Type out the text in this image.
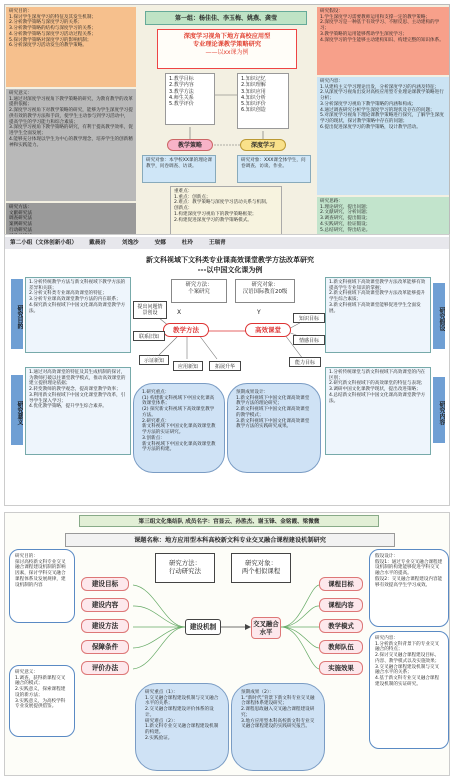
研究目的：
1.探讨学生深度学习的特征及其发生机制；
2.分析教学策略与深度学习的关系；
3.分析教学策略的结构与深度学习的关系；
4.分析教学策略与深度学习活动过程关系；
5.探讨教学策略对深度学习的影响机制；
6.分析深度学习活动发生的教学策略。
研究意义：
1.通过对深度学习视角下教学策略的研究，为教育教学的改革提供依据；
2.深度学习视角下对教学策略的研究，能够为学生深度学习提供有效的教学方法和手段，使学生主动参与到学习活动中，提高学生的学习能力和综合素质；
3.深度学习视角下教学策略的研究，有利于提高教学效率，促进学生全面发展；
4.能够充分体现以学生为中心的教学理念，培养学生的创新精神和实践能力。
研究方法：
文献研究法
调查研究法
案例研究法
行动研究法

第一组：杨佳佳、李玉梅、姚燕、龚莹
深度学习视角下地方高校应用型
专业理论课教学策略研究
——以xx课为例
1.教学目标
2.教学内容
3.教学方法
4.师生关系
5.教学评价
1.知识记忆
2.知识理解
3.知识应用
4.知识分析
5.知识评价
6.知识创造
教学策略	深度学习
研究对象：本学校XX课的理论课教学，问卷调查、访谈。
研究对象：XXX课全体学生，问卷调查、访谈、作业。
重难点：
1.重点：创新点；
2.难点：教学策略与深度学习活动关系与机制。
创新点：
1.构建深度学习视角下的教学策略框架；
2.构建促进深度学习的教学策略模式。
研究假设：
1.学生深度学习需要教师运用和支撑一定的教学策略；
2.深度学习是一种基于有效学习、不断反思、主动建构的学习；
3.教学策略的运用能够帮助学生深度学习；
4.深度学习的学生能够主动建构知识、构建完整的知识体系。
研究内容：
1.从建构主义学习理论出发，分析深度学习的内涵及特征；
2.从深度学习视角出发对高校应用型专业理论课教学策略进行分析；
3.分析深度学习视角下教学策略的内涵和构成；
4.通过调查研究分析学生深度学习的现状及存在的问题；
5.对深度学习视角下理论课教学策略进行探究，了解学生深度学习的现状，探讨教学策略中存在的问题；
6.提出促进深度学习的教学策略，设计教学活动。
研究思路：
1.理论研究，提出问题；
2.文献研究，分析问题；
3.调查研究，提出假设；
4.实践研究，验证假设；
5.总结研究，得出结论。
第二小组（文体创新小组） 戴晨岩	刘逸沙	安娜	杜玲	王瑞青
新文科视域下文科类专业课高效课堂教学方法改革研究
---以中国文化课为例
研究目的
1.分析传统教学方法与新文科视域下教学方法的差异和关联；
2.分析文科类专业课高效课堂的特征；
3.分析专业课高效课堂教学方法的内在联系；
4.探究新文科视域下中国文化课高效课堂教学方法。
研究意义
1.通过对高效课堂的特征及其生成机制的探讨，为教师打破以往课堂教学模式，推动高效课堂的建立提供理论依据；
2.转变教师的教学观念，提高课堂教学效率；
3.利用新文科视域下中国文化课堂教学改革，引导学生深入学习；
4.优化教学策略，提升学生综合素养。
研究假设
1.新文科视域下高效课堂教学方法改革能够有效提高学生专业知识的掌握；
2.新文科视域下高效课堂教学方法改革能够提升学生综合素质；
3.新文科视域下高效课堂能够促进学生全面发展。
研究内容
1.分析传统课堂与新文科视域下高效课堂的内在区别；
2.研究新文科视域下的高效课堂的特征与表现；
3.调研中国文化课教学现状，提出改进策略；
4.总结新文科视域下中国文化课高效课堂教学方法。
研究方法：
个案研究
研究对象：
汉语国际教育20级
X	Y
教学方法	高效课堂
提出问题情景创设
联系旧知
示证新知
应用新知	拓展升华
知识目标
情感目标
能力目标
1.研究重点：
(1) 构建新文科视域下中国文化课高效课堂体系；
(2) 探究新文科视域下高效课堂教学方法。
2.研究难点：
新文科视域下中国文化课高效课堂教学方法的实证研究。
3.创新点：
新文科视域下中国文化课高效课堂教学方法的构建。
预期成果设计：
1.新文科视域下中国文化课高效课堂教学方法的理论研究；
2.新文科视域下中国文化课高效课堂的教学模式；
3.新文科视域下中国文化课高效课堂教学方法的实践研究成果。
第三组文化集结队 成员名字：宫显云、孙胜杰、谢玉锋、金铭霞、梁微微
课题名称：地方应用型本科高校新文科专业交叉融合课程建设机制研究
研究目的：
探讨高校新文科专业交叉融合课程建设机制的影响因素，探讨学科交叉融合课程体系及发展规律，建设机制的内容
研究意义：
1.调查，获得新课程交叉融合的模式；
2.实践意义，探索课程建设的新方法；
3.实践意义，为高校学科专业发展提供借鉴。
研究方法：
行动研究法
研究对象：
两个相似课程
建设目标
建设内容
建设方法
保障条件
评价办法
建设机制	交叉融合水平
课程目标
课程内容
教学模式
教师队伍
实施效果
假设设计：
假设1：通过专业交叉融合课程建设机制的构建能够促进学科交叉融合水平的提高。
假设2：交叉融合课程建设内容能够有效提高学生学习成效。
研究内容：
1.分析新文科背景下的专业交叉融合的特点；
2.探讨交叉融合课程建设目标、内容、教学模式以及实施效果；
3.交叉融合课程建设机制与交叉融合水平的关系；
4.基于新文科专业交叉融合课程建设机制的实证研究。
研究重点（1）：
1.交叉融合课程建设机制与交叉融合水平的关系；
2.交叉融合课程建设评价体系的设计。
研究难点（2）：
1.新文科专业交叉融合课程建设机制的构建。
2.实践验证。
预期成果（2）：
1.“新时代”背景下新文科专业交叉融合课程体系建设研究；
2.课程思政融入交叉融合课程建设研究；
3.地方应用型本科高校新文科专业交叉融合课程建设的实践研究报告。
